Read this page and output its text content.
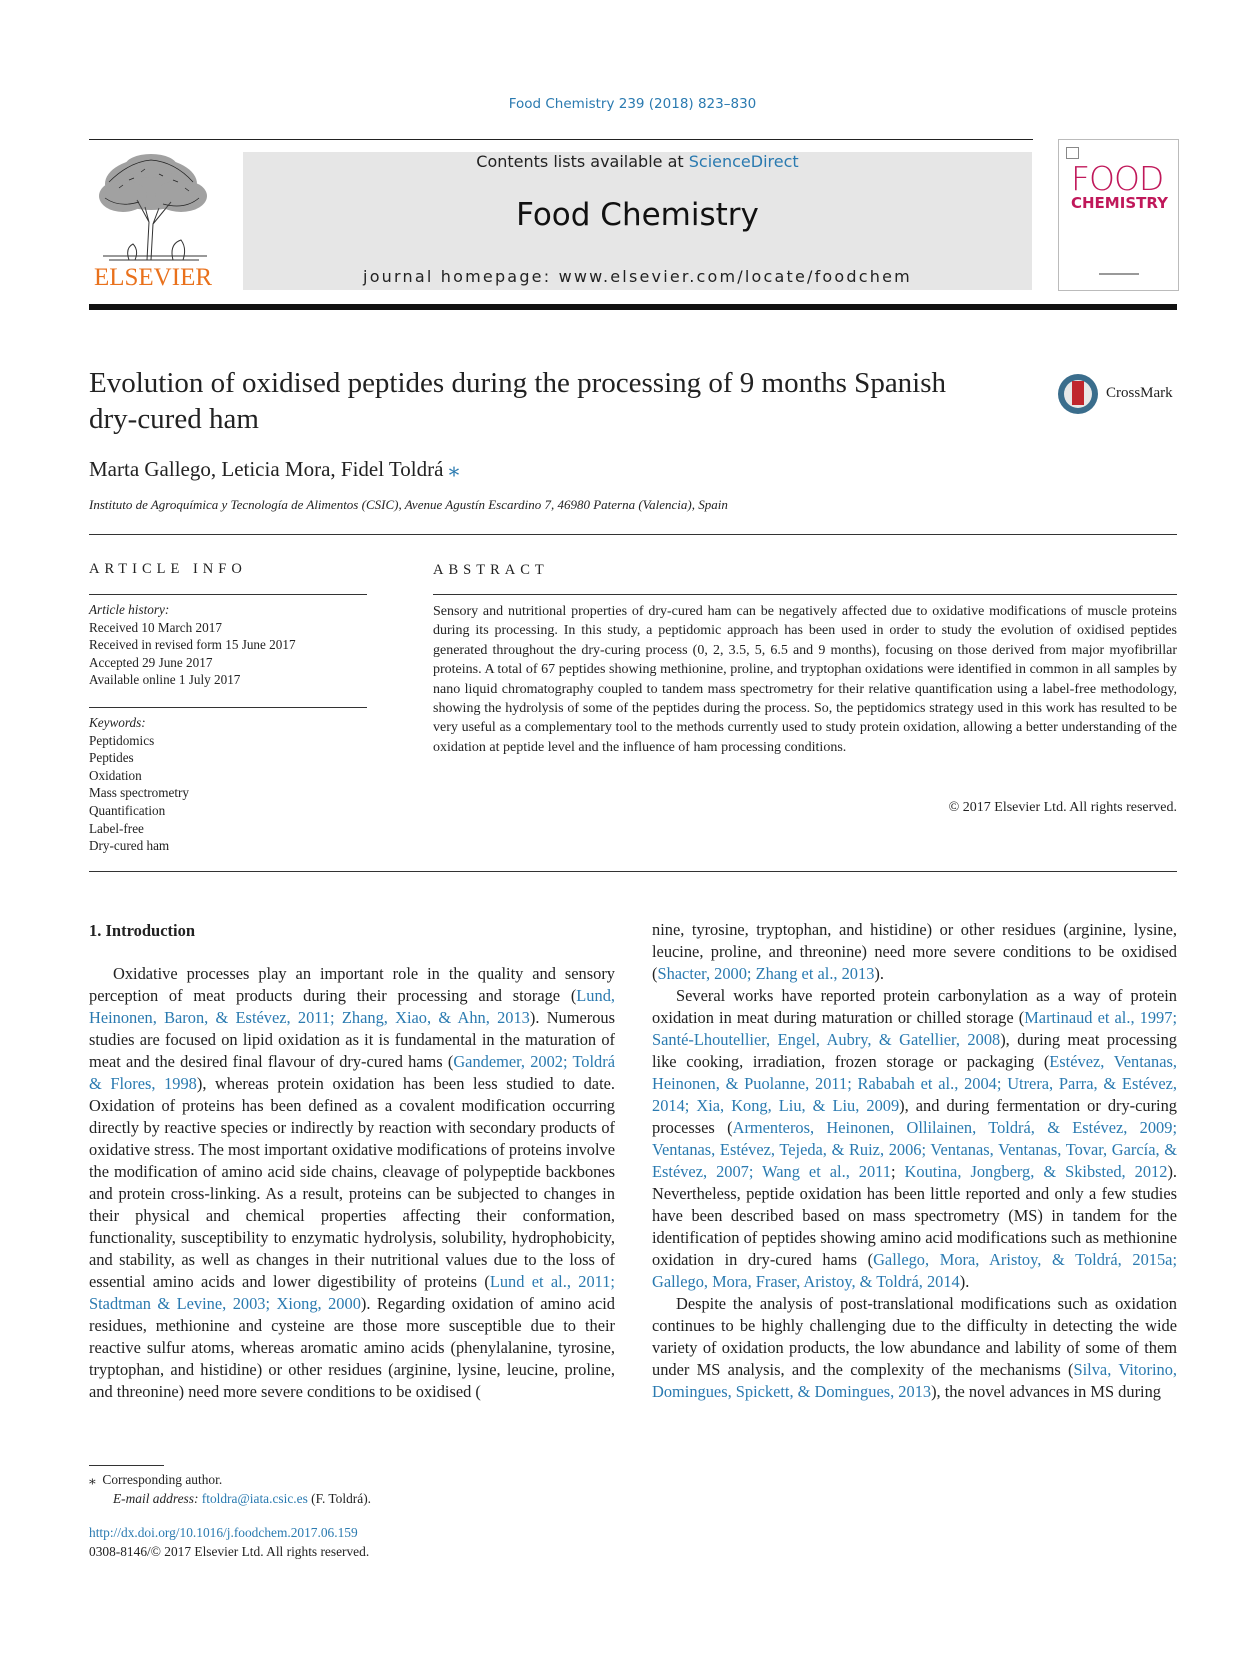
Food Chemistry 239 (2018) 823–830
ELSEVIER
Contents lists available at ScienceDirect
Food Chemistry
journal homepage: www.elsevier.com/locate/foodchem
FOOD
CHEMISTRY
Evolution of oxidised peptides during the processing of 9 months Spanish dry-cured ham
CrossMark
Marta Gallego, Leticia Mora, Fidel Toldrá ⁎
Instituto de Agroquímica y Tecnología de Alimentos (CSIC), Avenue Agustín Escardino 7, 46980 Paterna (Valencia), Spain
ARTICLE INFO
Article history:
Received 10 March 2017
Received in revised form 15 June 2017
Accepted 29 June 2017
Available online 1 July 2017
Keywords:
Peptidomics
Peptides
Oxidation
Mass spectrometry
Quantification
Label-free
Dry-cured ham
ABSTRACT
Sensory and nutritional properties of dry-cured ham can be negatively affected due to oxidative modifications of muscle proteins during its processing. In this study, a peptidomic approach has been used in order to study the evolution of oxidised peptides generated throughout the dry-curing process (0, 2, 3.5, 5, 6.5 and 9 months), focusing on those derived from major myofibrillar proteins. A total of 67 peptides showing methionine, proline, and tryptophan oxidations were identified in common in all samples by nano liquid chromatography coupled to tandem mass spectrometry for their relative quantification using a label-free methodology, showing the hydrolysis of some of the peptides during the process. So, the peptidomics strategy used in this work has resulted to be very useful as a complementary tool to the methods currently used to study protein oxidation, allowing a better understanding of the oxidation at peptide level and the influence of ham processing conditions.
© 2017 Elsevier Ltd. All rights reserved.
1. Introduction

Oxidative processes play an important role in the quality and sensory perception of meat products during their processing and storage (Lund, Heinonen, Baron, & Estévez, 2011; Zhang, Xiao, & Ahn, 2013). Numerous studies are focused on lipid oxidation as it is fundamental in the maturation of meat and the desired final flavour of dry-cured hams (Gandemer, 2002; Toldrá & Flores, 1998), whereas protein oxidation has been less studied to date. Oxidation of proteins has been defined as a covalent modification occurring directly by reactive species or indirectly by reaction with secondary products of oxidative stress. The most important oxidative modifications of proteins involve the modification of amino acid side chains, cleavage of polypeptide backbones and protein cross-linking. As a result, proteins can be subjected to changes in their physical and chemical properties affecting their conformation, functionality, susceptibility to enzymatic hydrolysis, solubility, hydrophobicity, and stability, as well as changes in their nutritional values due to the loss of essential amino acids and lower digestibility of proteins (Lund et al., 2011; Stadtman & Levine, 2003; Xiong, 2000). Regarding oxidation of amino acid residues, methionine and cysteine are those more susceptible due to their reactive sulfur atoms, whereas aromatic amino acids (phenylalanine, tyrosine, tryptophan, and histidine) or other residues (arginine, lysine, leucine, proline, and threonine) need more severe conditions to be oxidised (

nine, tyrosine, tryptophan, and histidine) or other residues (arginine, lysine, leucine, proline, and threonine) need more severe conditions to be oxidised (Shacter, 2000; Zhang et al., 2013).

Several works have reported protein carbonylation as a way of protein oxidation in meat during maturation or chilled storage (Martinaud et al., 1997; Santé-Lhoutellier, Engel, Aubry, & Gatellier, 2008), during meat processing like cooking, irradiation, frozen storage or packaging (Estévez, Ventanas, Heinonen, & Puolanne, 2011; Rababah et al., 2004; Utrera, Parra, & Estévez, 2014; Xia, Kong, Liu, & Liu, 2009), and during fermentation or dry-curing processes (Armenteros, Heinonen, Ollilainen, Toldrá, & Estévez, 2009; Ventanas, Estévez, Tejeda, & Ruiz, 2006; Ventanas, Ventanas, Tovar, García, & Estévez, 2007; Wang et al., 2011; Koutina, Jongberg, & Skibsted, 2012). Nevertheless, peptide oxidation has been little reported and only a few studies have been described based on mass spectrometry (MS) in tandem for the identification of peptides showing amino acid modifications such as methionine oxidation in dry-cured hams (Gallego, Mora, Aristoy, & Toldrá, 2015a; Gallego, Mora, Fraser, Aristoy, & Toldrá, 2014).

Despite the analysis of post-translational modifications such as oxidation continues to be highly challenging due to the difficulty in detecting the wide variety of oxidation products, the low abundance and lability of some of them under MS analysis, and the complexity of the mechanisms (Silva, Vitorino, Domingues, Spickett, & Domingues, 2013), the novel advances in MS during

⁎ Corresponding author.
E-mail address: ftoldra@iata.csic.es (F. Toldrá).
http://dx.doi.org/10.1016/j.foodchem.2017.06.159
0308-8146/© 2017 Elsevier Ltd. All rights reserved.
